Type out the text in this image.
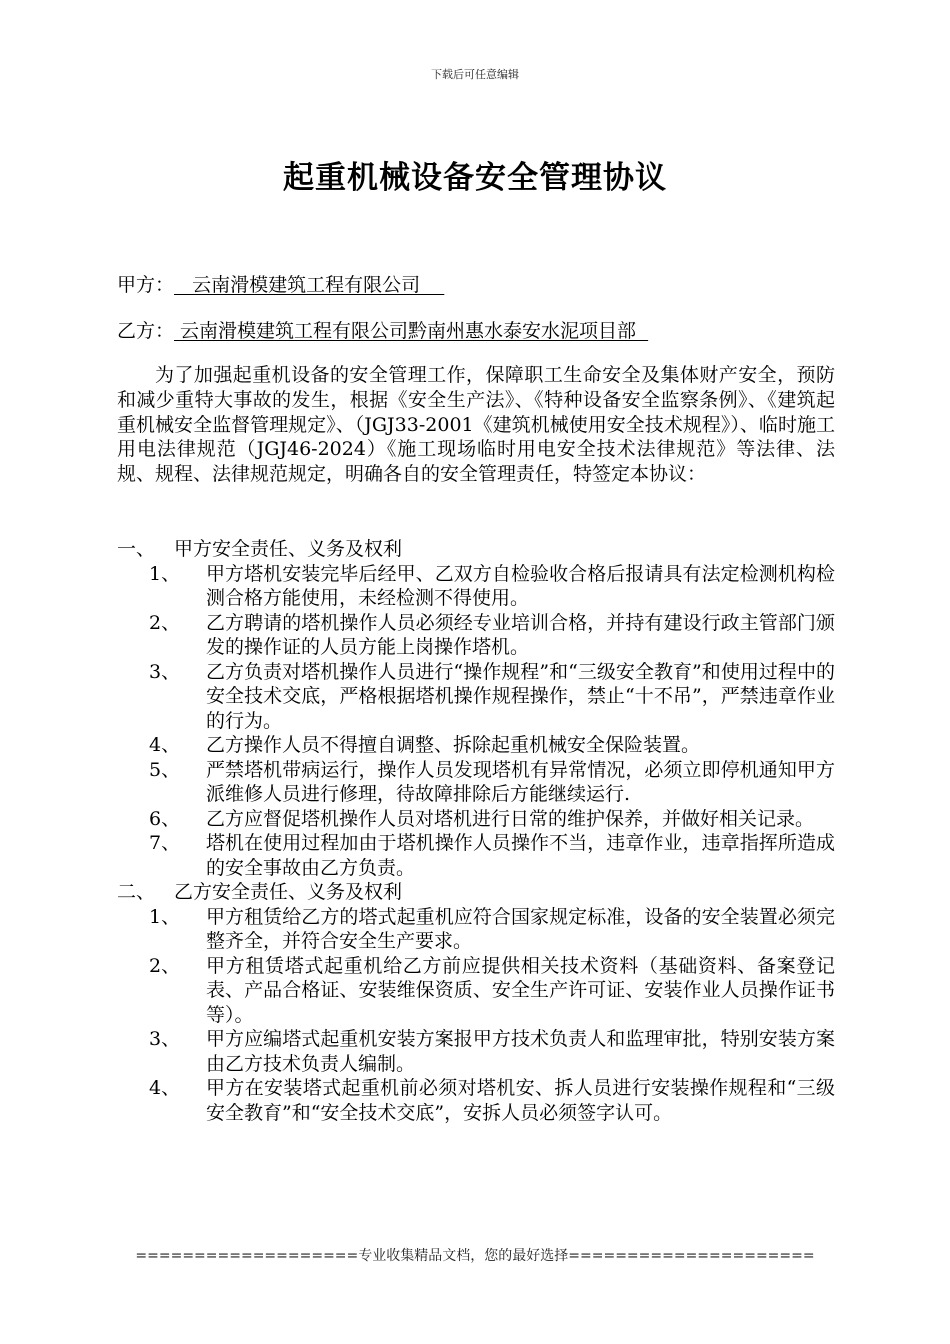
下载后可任意编辑
起重机械设备安全管理协议
甲方：   云南滑模建筑工程有限公司
乙方： 云南滑模建筑工程有限公司黔南州惠水泰安水泥项目部
为了加强起重机设备的安全管理工作，保障职工生命安全及集体财产安全，预防和减少重特大事故的发生，根据《安全生产法》、《特种设备安全监察条例》、《建筑起重机械安全监督管理规定》、（JGJ33-2001《建筑机械使用安全技术规程》）、临时施工用电法律规范（JGJ46-2024）《施工现场临时用电安全技术法律规范》等法律、法规、规程、法律规范规定，明确各自的安全管理责任，特签定本协议：
一、 甲方安全责任、义务及权利
1、	甲方塔机安装完毕后经甲、乙双方自检验收合格后报请具有法定检测机构检测合格方能使用，未经检测不得使用。
2、	乙方聘请的塔机操作人员必须经专业培训合格，并持有建设行政主管部门颁发的操作证的人员方能上岗操作塔机。
3、	乙方负责对塔机操作人员进行“操作规程”和“三级安全教育”和使用过程中的安全技术交底，严格根据塔机操作规程操作，禁止“十不吊”，严禁违章作业的行为。
4、	乙方操作人员不得擅自调整、拆除起重机械安全保险装置。
5、	严禁塔机带病运行，操作人员发现塔机有异常情况，必须立即停机通知甲方派维修人员进行修理，待故障排除后方能继续运行.
6、	乙方应督促塔机操作人员对塔机进行日常的维护保养，并做好相关记录。
7、	塔机在使用过程加由于塔机操作人员操作不当，违章作业，违章指挥所造成的安全事故由乙方负责。
二、 乙方安全责任、义务及权利
1、	甲方租赁给乙方的塔式起重机应符合国家规定标准，设备的安全装置必须完整齐全，并符合安全生产要求。
2、	甲方租赁塔式起重机给乙方前应提供相关技术资料（基础资料、备案登记表、产品合格证、安装维保资质、安全生产许可证、安装作业人员操作证书等）。
3、	甲方应编塔式起重机安装方案报甲方技术负责人和监理审批，特别安装方案由乙方技术负责人编制。
4、	甲方在安装塔式起重机前必须对塔机安、拆人员进行安装操作规程和“三级安全教育”和“安全技术交底”，安拆人员必须签字认可。
===================专业收集精品文档，您的最好选择=====================
